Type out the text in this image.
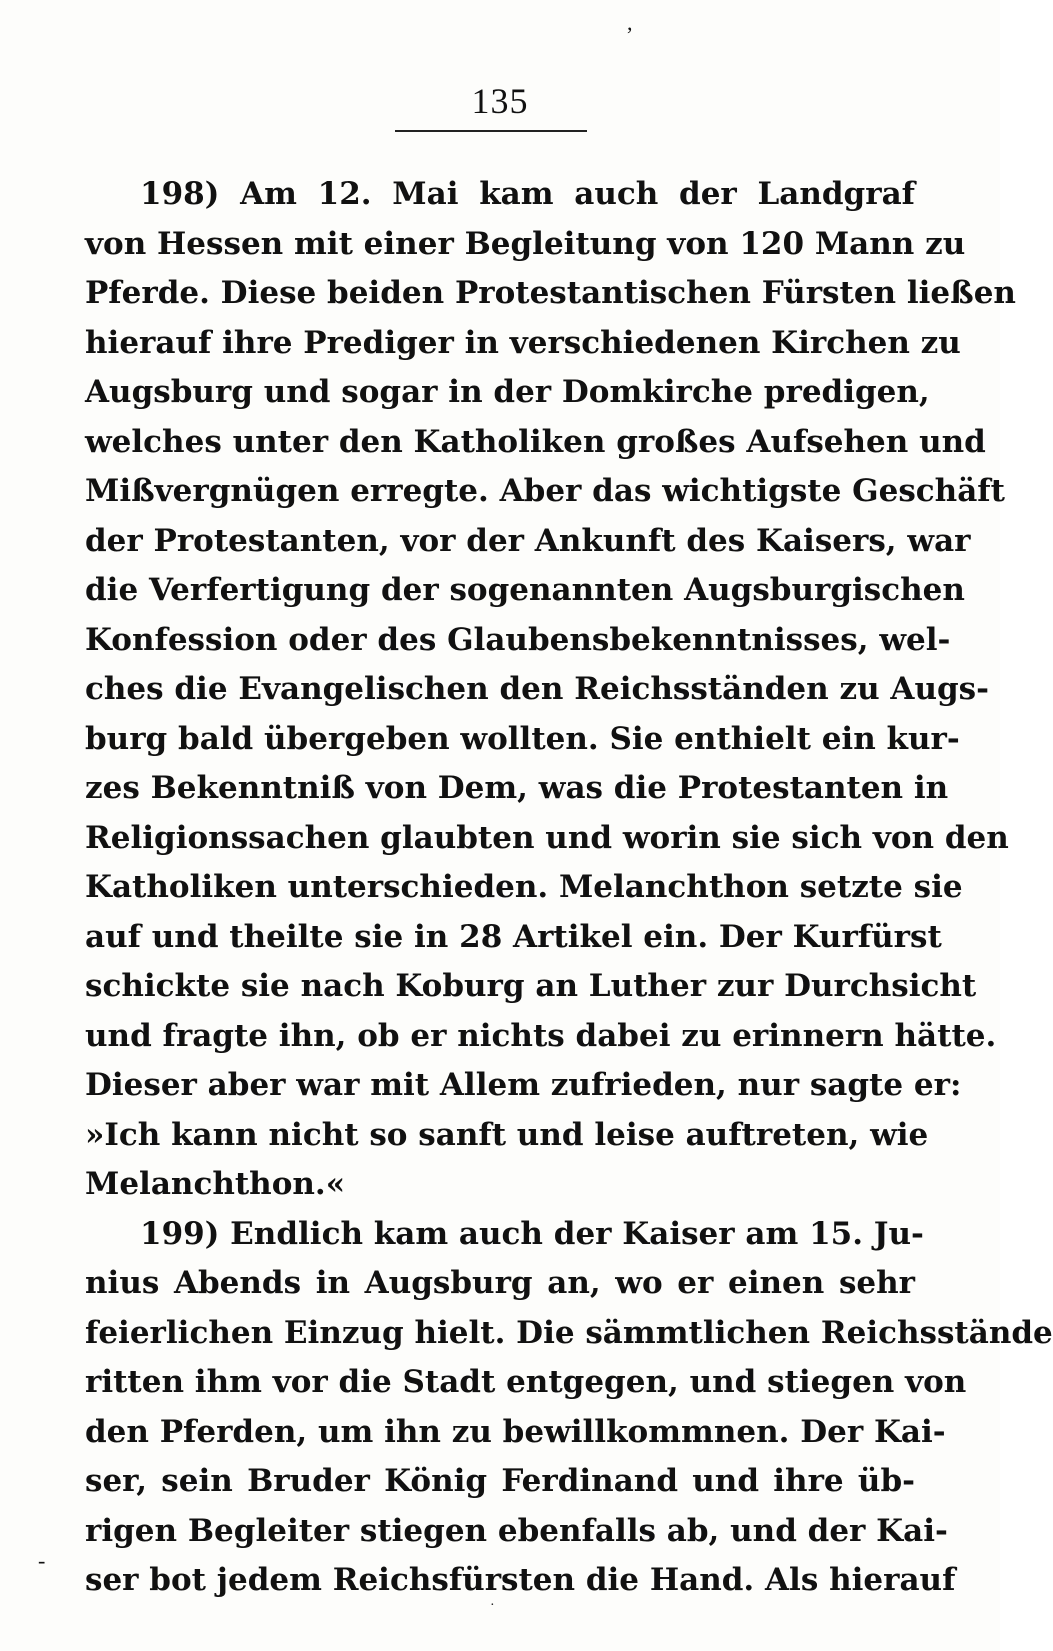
,
135
198) Am 12. Mai kam auch der Landgraf
von Hessen mit einer Begleitung von 120 Mann zu
Pferde. Diese beiden Protestantischen Fürsten ließen
hierauf ihre Prediger in verschiedenen Kirchen zu
Augsburg und sogar in der Domkirche predigen,
welches unter den Katholiken großes Aufsehen und
Mißvergnügen erregte. Aber das wichtigste Geschäft
der Protestanten, vor der Ankunft des Kaisers, war
die Verfertigung der sogenannten Augsburgischen
Konfession oder des Glaubensbekenntnisses, wel-
ches die Evangelischen den Reichsständen zu Augs-
burg bald übergeben wollten. Sie enthielt ein kur-
zes Bekenntniß von Dem, was die Protestanten in
Religionssachen glaubten und worin sie sich von den
Katholiken unterschieden. Melanchthon setzte sie
auf und theilte sie in 28 Artikel ein. Der Kurfürst
schickte sie nach Koburg an Luther zur Durchsicht
und fragte ihn, ob er nichts dabei zu erinnern hätte.
Dieser aber war mit Allem zufrieden, nur sagte er:
»Ich kann nicht so sanft und leise auftreten, wie
Melanchthon.«
199) Endlich kam auch der Kaiser am 15. Ju-
nius Abends in Augsburg an, wo er einen sehr
feierlichen Einzug hielt. Die sämmtlichen Reichsstände
ritten ihm vor die Stadt entgegen, und stiegen von
den Pferden, um ihn zu bewillkommnen. Der Kai-
ser, sein Bruder König Ferdinand und ihre üb-
rigen Begleiter stiegen ebenfalls ab, und der Kai-
ser bot jedem Reichsfürsten die Hand. Als hierauf
-
·
